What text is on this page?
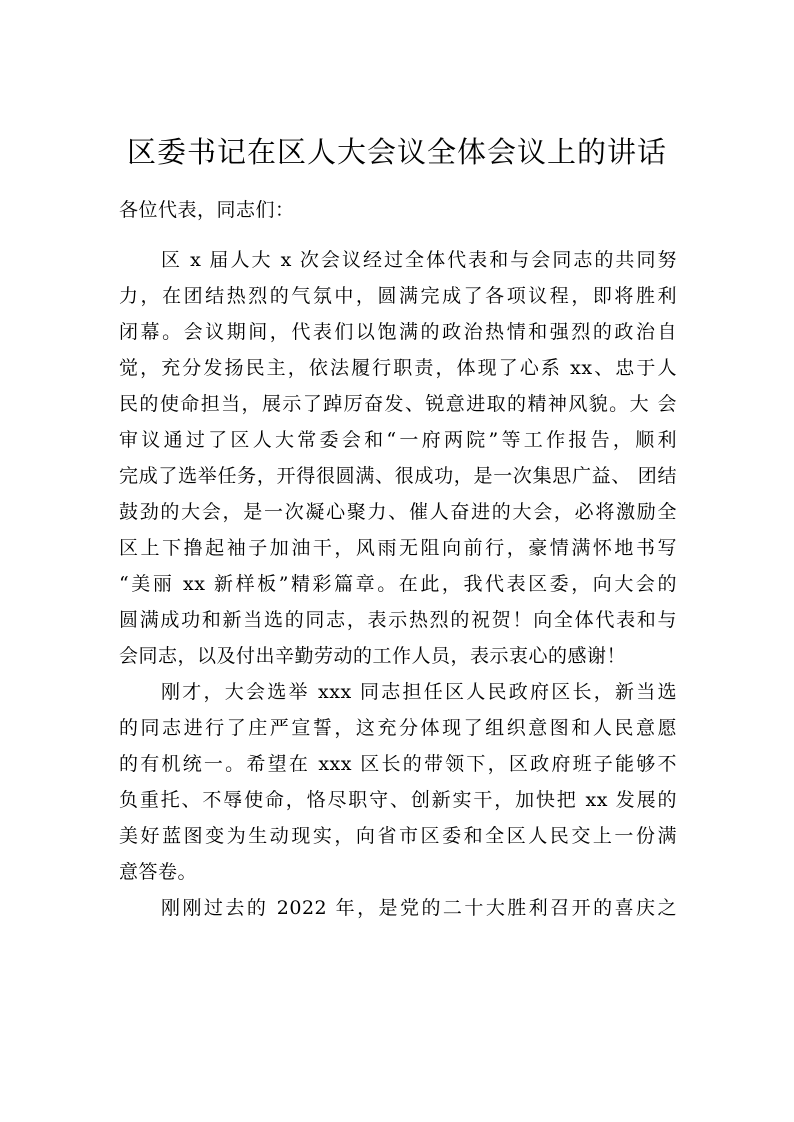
区委书记在区人大会议全体会议上的讲话
各位代表，同志们：
区 x 届人大 x 次会议经过全体代表和与会同志的共同努
力，在团结热烈的气氛中，圆满完成了各项议程，即将胜利
闭幕。会议期间，代表们以饱满的政治热情和强烈的政治自
觉，充分发扬民主，依法履行职责，体现了心系 xx、忠于人
民的使命担当，展示了踔厉奋发、锐意进取的精神风貌。大 会
审议通过了区人大常委会和“一府两院”等工作报告，顺利
完成了选举任务，开得很圆满、很成功，是一次集思广益、 团结
鼓劲的大会，是一次凝心聚力、催人奋进的大会，必将激励全
区上下撸起袖子加油干，风雨无阻向前行，豪情满怀地书写
“美丽 xx 新样板”精彩篇章。在此，我代表区委，向大会的
圆满成功和新当选的同志，表示热烈的祝贺！向全体代表和与
会同志，以及付出辛勤劳动的工作人员，表示衷心的感谢！
刚才，大会选举 xxx 同志担任区人民政府区长，新当选
的同志进行了庄严宣誓，这充分体现了组织意图和人民意愿
的有机统一。希望在 xxx 区长的带领下，区政府班子能够不
负重托、不辱使命，恪尽职守、创新实干，加快把 xx 发展的
美好蓝图变为生动现实，向省市区委和全区人民交上一份满
意答卷。
刚刚过去的 2022 年，是党的二十大胜利召开的喜庆之
